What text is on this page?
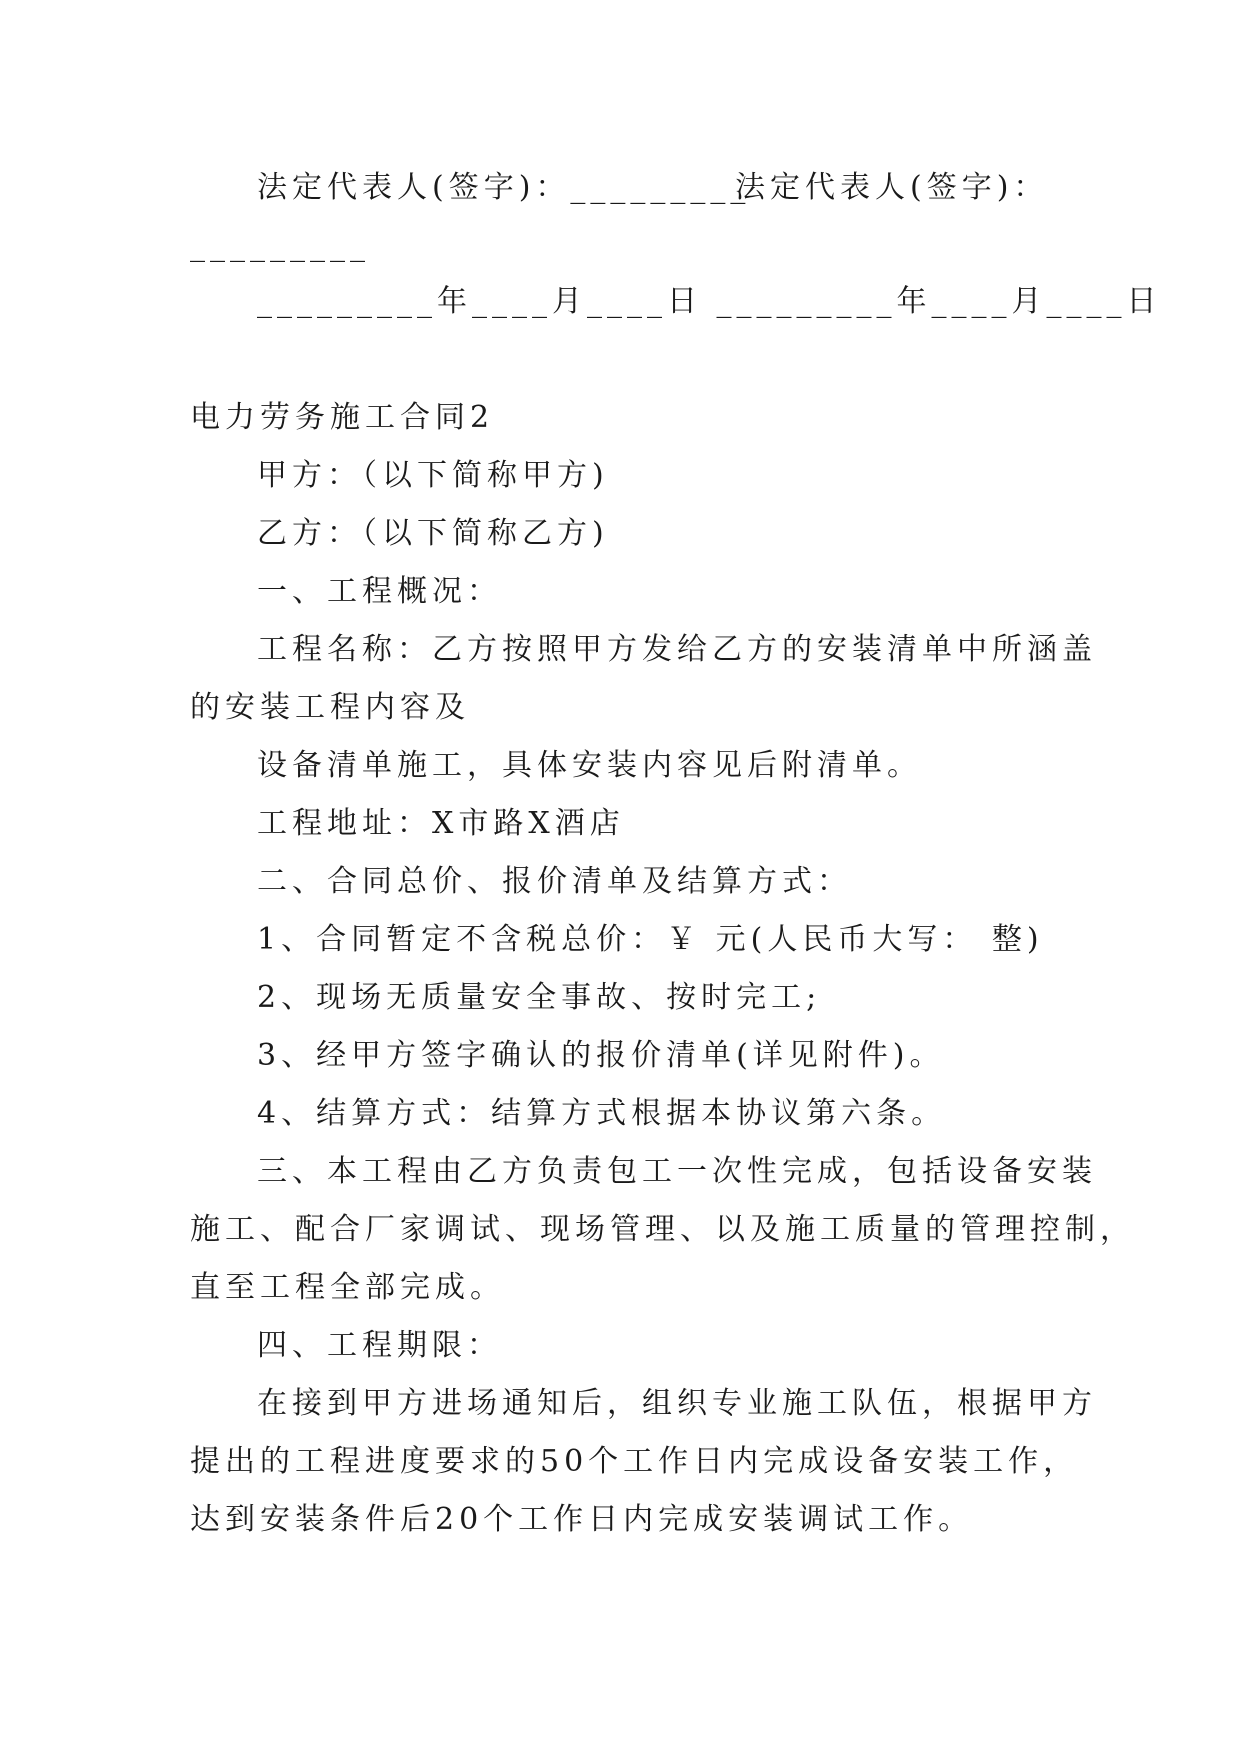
法定代表人(签字)：_________
法定代表人(签字)：
_________
_________年____月____日 _________年____月____日
电力劳务施工合同2
甲方：（以下简称甲方)
乙方：（以下简称乙方)
一、工程概况：
工程名称：乙方按照甲方发给乙方的安装清单中所涵盖
的安装工程内容及
设备清单施工，具体安装内容见后附清单。
工程地址：X市路X酒店
二、合同总价、报价清单及结算方式：
1、合同暂定不含税总价：￥ 元(人民币大写： 整)
2、现场无质量安全事故、按时完工;
3、经甲方签字确认的报价清单(详见附件)。
4、结算方式：结算方式根据本协议第六条。
三、本工程由乙方负责包工一次性完成，包括设备安装
施工、配合厂家调试、现场管理、以及施工质量的管理控制，
直至工程全部完成。
四、工程期限：
在接到甲方进场通知后，组织专业施工队伍，根据甲方
提出的工程进度要求的50个工作日内完成设备安装工作，
达到安装条件后20个工作日内完成安装调试工作。
